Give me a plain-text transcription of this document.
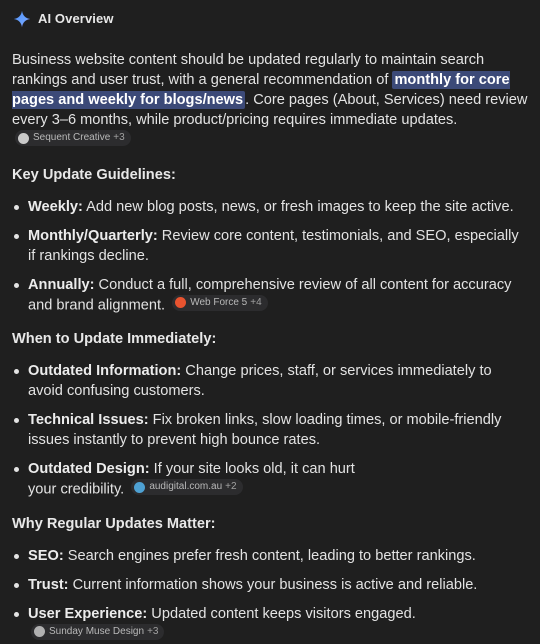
AI Overview

Business website content should be updated regularly to maintain search rankings and user trust, with a general recommendation of monthly for core pages and weekly for blogs/news . Core pages (About, Services) need review every 3–6 months, while product/pricing requires immediate updates.
Sequent Creative +3

Key Update Guidelines:
Weekly: Add new blog posts, news, or fresh images to keep the site active.
Monthly/Quarterly: Review core content, testimonials, and SEO, especially if rankings decline.
Annually: Conduct a full, comprehensive review of all content for accuracy and brand alignment.	Web Force 5 +4
When to Update Immediately:
Outdated Information: Change prices, staff, or services immediately to avoid confusing customers.
Technical Issues: Fix broken links, slow loading times, or mobile-friendly issues instantly to prevent high bounce rates.
Outdated Design: If your site looks old, it can hurt your credibility.	audigital.com.au +2
Why Regular Updates Matter:
SEO: Search engines prefer fresh content, leading to better rankings.
Trust: Current information shows your business is active and reliable.
User Experience: Updated content keeps visitors engaged.
Sunday Muse Design +3
